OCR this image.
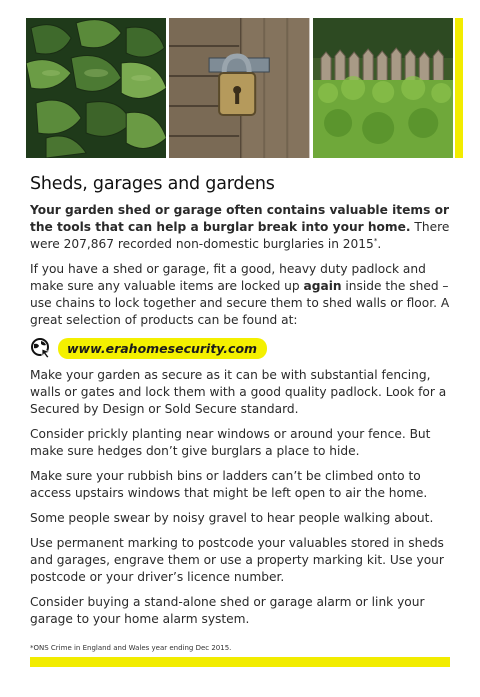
Sheds, garages and gardens

Your garden shed or garage often contains valuable items or the tools that can help a burglar break into your home. There were 207,867 recorded non-domestic burglaries in 2015*.

If you have a shed or garage, fit a good, heavy duty padlock and make sure any valuable items are locked up again inside the shed – use chains to lock together and secure them to shed walls or floor. A great selection of products can be found at:

www.erahomesecurity.com

Make your garden as secure as it can be with substantial fencing, walls or gates and lock them with a good quality padlock. Look for a Secured by Design or Sold Secure standard.

Consider prickly planting near windows or around your fence. But make sure hedges don’t give burglars a place to hide.

Make sure your rubbish bins or ladders can’t be climbed onto to access upstairs windows that might be left open to air the home.

Some people swear by noisy gravel to hear people walking about.

Use permanent marking to postcode your valuables stored in sheds and garages, engrave them or use a property marking kit. Use your postcode or your driver’s licence number.

Consider buying a stand-alone shed or garage alarm or link your garage to your home alarm system.

*ONS Crime in England and Wales year ending Dec 2015.
